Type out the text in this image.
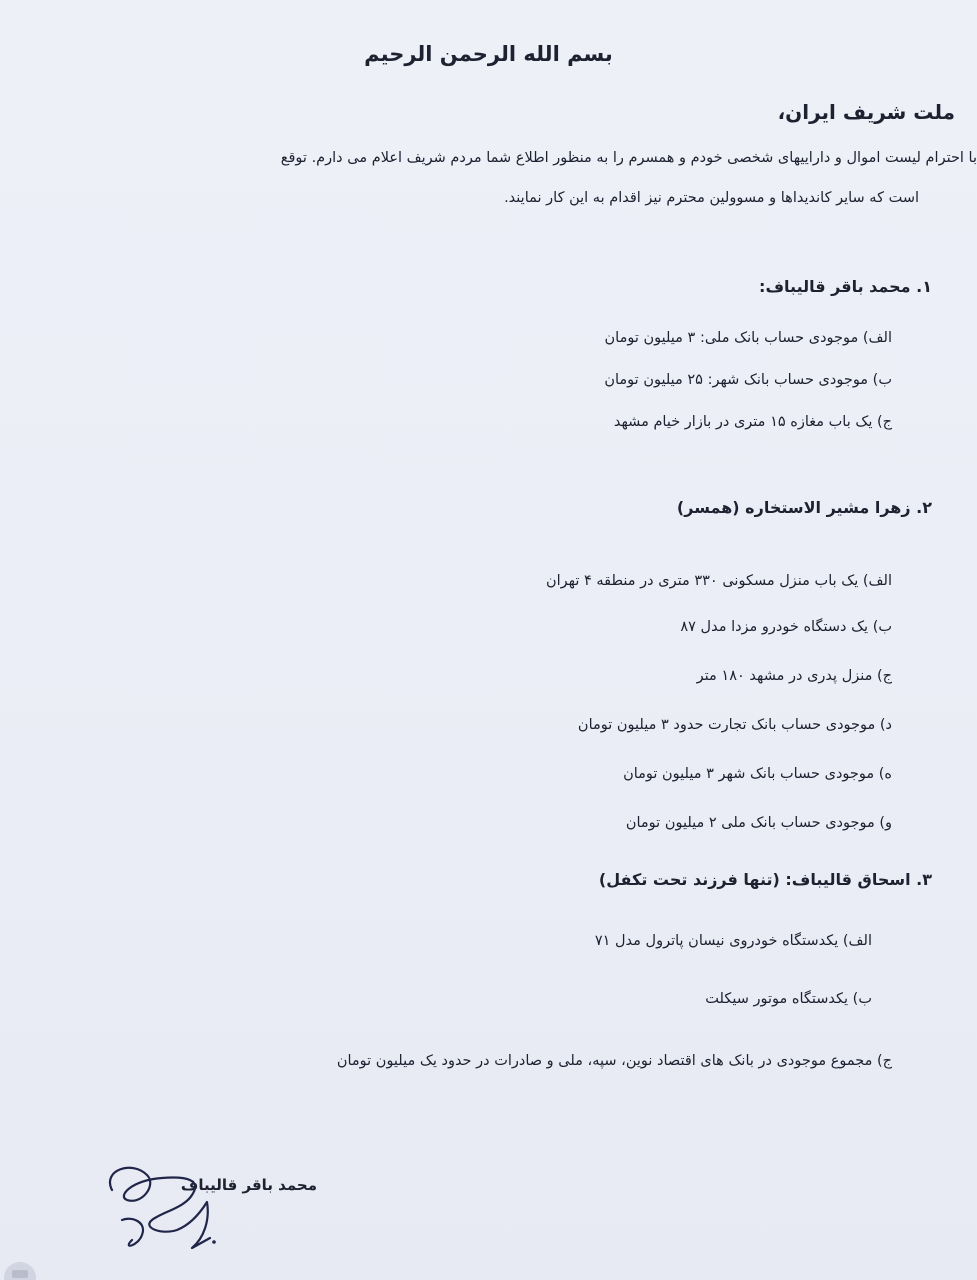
بسم الله الرحمن الرحيم
ملت شریف ایران،
با احترام لیست اموال و داراییهای شخصی خودم و همسرم را به منظور اطلاع شما مردم شریف اعلام می دارم. توقع
است که سایر کاندیداها و مسوولین محترم نیز اقدام به این کار نمایند.
۱. محمد باقر قالیباف:
الف) موجودی حساب بانک ملی: ۳ میلیون تومان
ب) موجودی حساب بانک شهر: ۲۵ میلیون تومان
ج) یک باب مغازه ۱۵ متری در بازار خیام مشهد
۲. زهرا مشیر الاستخاره (همسر)
الف) یک باب منزل مسکونی ۳۳۰ متری در منطقه ۴ تهران
ب) یک دستگاه خودرو مزدا مدل ۸۷
ج) منزل پدری در مشهد ۱۸۰ متر
د) موجودی حساب بانک تجارت حدود ۳ میلیون تومان
ه) موجودی حساب بانک شهر ۳ میلیون تومان
و) موجودی حساب بانک ملی ۲ میلیون تومان
۳. اسحاق قالیباف: (تنها فرزند تحت تکفل)
الف) یکدستگاه خودروی نیسان پاترول مدل ۷۱
ب) یکدستگاه موتور سیکلت
ج) مجموع موجودی در بانک های اقتصاد نوین، سپه، ملی و صادرات در حدود یک میلیون تومان
محمد باقر قالیباف
